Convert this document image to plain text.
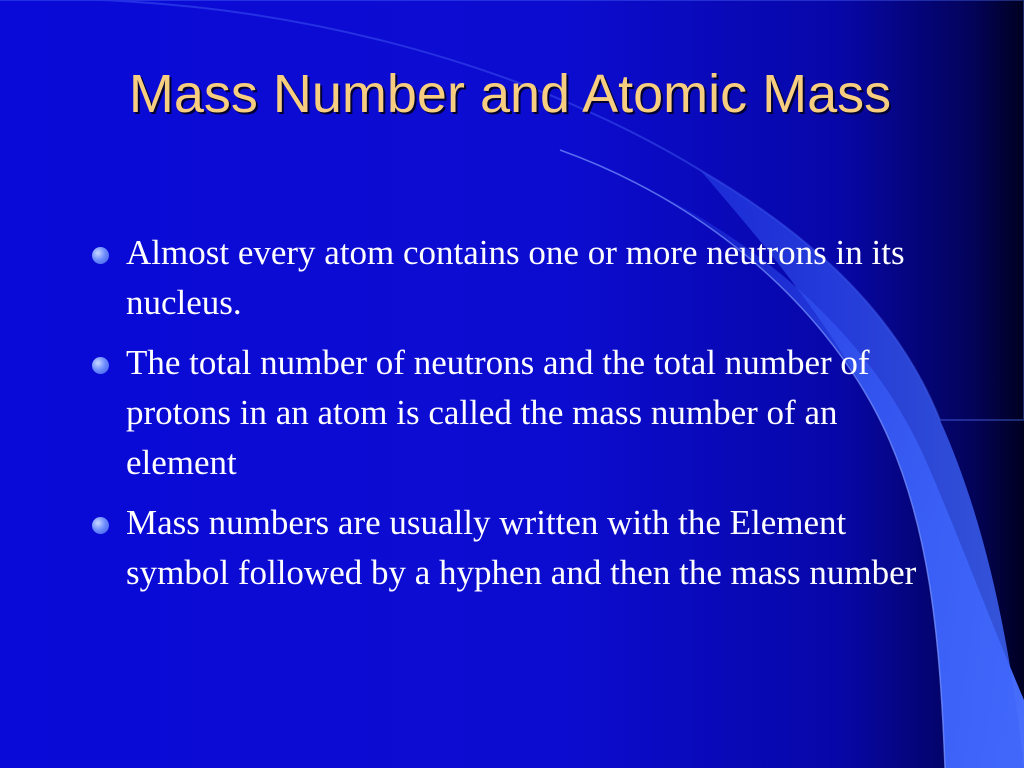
Mass Number and Atomic Mass
Almost every atom contains one or more neutrons in its nucleus.
The total number of neutrons and the total number of protons in an atom is called the mass number of an element
Mass numbers are usually written with the Element symbol followed by a hyphen and then the mass number
